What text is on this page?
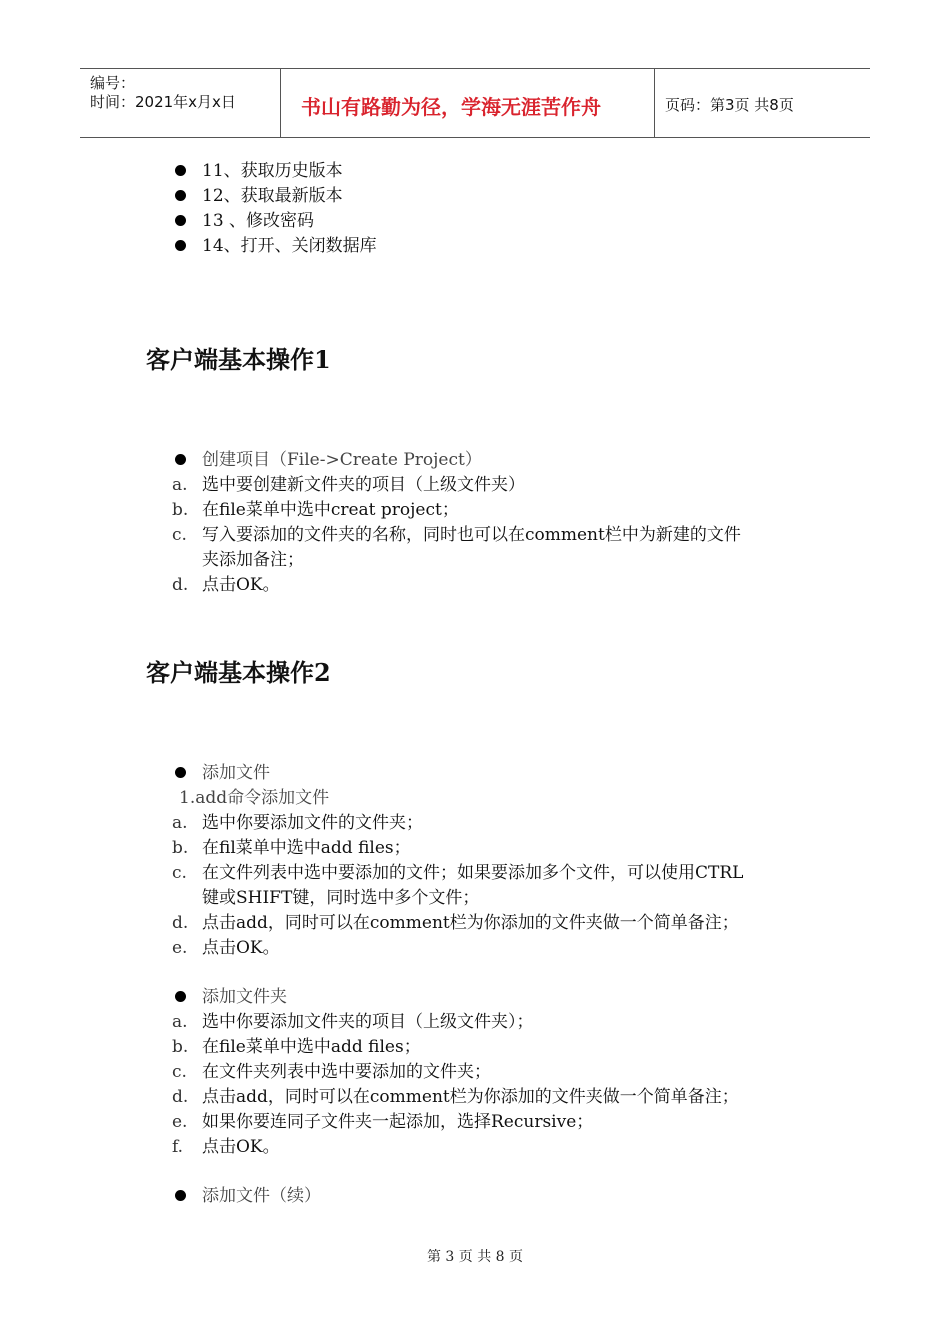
编号：
时间：2021年x月x日	书山有路勤为径，学海无涯苦作舟	页码：第3页 共8页
11、获取历史版本
12、获取最新版本
13 、修改密码
14、打开、关闭数据库
客户端基本操作1
创建项目（File->Create Project）
a. 选中要创建新文件夹的项目（上级文件夹）
b. 在file菜单中选中creat project；
c. 写入要添加的文件夹的名称，同时也可以在comment栏中为新建的文件
夹添加备注；
d. 点击OK。
客户端基本操作2
添加文件
1.add命令添加文件
a. 选中你要添加文件的文件夹；
b. 在fil菜单中选中add files；
c. 在文件列表中选中要添加的文件；如果要添加多个文件，可以使用CTRL
键或SHIFT键，同时选中多个文件；
d. 点击add，同时可以在comment栏为你添加的文件夹做一个简单备注；
e. 点击OK。
添加文件夹
a. 选中你要添加文件夹的项目（上级文件夹）；
b. 在file菜单中选中add files；
c. 在文件夹列表中选中要添加的文件夹；
d. 点击add，同时可以在comment栏为你添加的文件夹做一个简单备注；
e. 如果你要连同子文件夹一起添加，选择Recursive；
f. 点击OK。
添加文件（续）
第 3 页 共 8 页
